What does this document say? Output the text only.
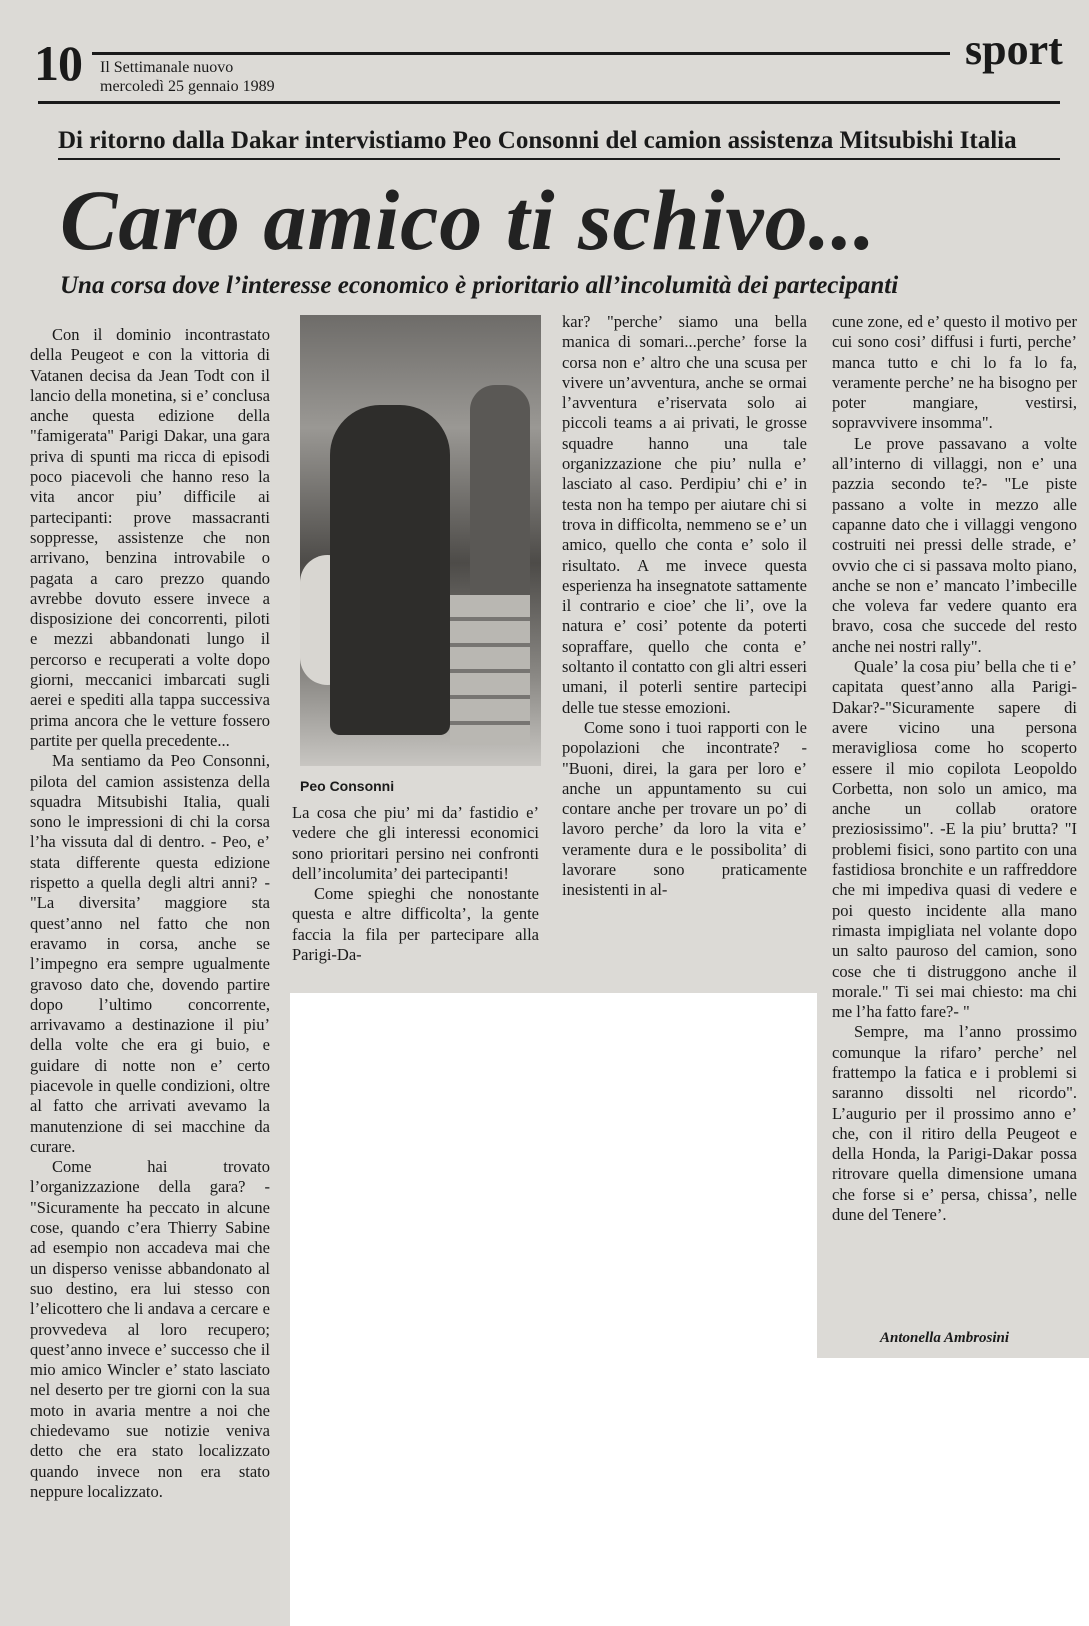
10 Il Settimanale nuovo
mercoledì 25 gennaio 1989
sport
Di ritorno dalla Dakar intervistiamo Peo Consonni del camion assistenza Mitsubishi Italia
Caro amico ti schivo...
Una corsa dove l’interesse economico è prioritario all’incolumità dei partecipanti

Con il dominio incontrastato della Peugeot e con la vittoria di Vatanen decisa da Jean Todt con il lancio della monetina, si e’ conclusa anche questa edizione della "famigerata" Parigi Dakar, una gara priva di spunti ma ricca di episodi poco piacevoli che hanno reso la vita ancor piu’ difficile ai partecipanti: prove massacranti soppresse, assistenze che non arrivano, benzina introvabile o pagata a caro prezzo quando avrebbe dovuto essere invece a disposizione dei concorrenti, piloti e mezzi abbandonati lungo il percorso e recuperati a volte dopo giorni, meccanici imbarcati sugli aerei e spediti alla tappa successiva prima ancora che le vetture fossero partite per quella precedente...

Ma sentiamo da Peo Consonni, pilota del camion assistenza della squadra Mitsubishi Italia, quali sono le impressioni di chi la corsa l’ha vissuta dal di dentro. - Peo, e’ stata differente questa edizione rispetto a quella degli altri anni? - "La diversita’ maggiore sta quest’anno nel fatto che non eravamo in corsa, anche se l’impegno era sempre ugualmente gravoso dato che, dovendo partire dopo l’ultimo concorrente, arrivavamo a destinazione il piu’ della volte che era gi buio, e guidare di notte non e’ certo piacevole in quelle condizioni, oltre al fatto che arrivati avevamo la manutenzione di sei macchine da curare.

Come hai trovato l’organizzazione della gara? -"Sicuramente ha peccato in alcune cose, quando c’era Thierry Sabine ad esempio non accadeva mai che un disperso venisse abbandonato al suo destino, era lui stesso con l’elicottero che li andava a cercare e provvedeva al loro recupero; quest’anno invece e’ successo che il mio amico Wincler e’ stato lasciato nel deserto per tre giorni con la sua moto in avaria mentre a noi che chiedevamo sue notizie veniva detto che era stato localizzato quando invece non era stato neppure localizzato.

Peo Consonni

La cosa che piu’ mi da’ fastidio e’ vedere che gli interessi economici sono prioritari persino nei confronti dell’incolumita’ dei partecipanti!

Come spieghi che nonostante questa e altre difficolta’, la gente faccia la fila per partecipare alla Parigi-Da-

kar? "perche’ siamo una bella manica di somari...perche’ forse la corsa non e’ altro che una scusa per vivere un’avventura, anche se ormai l’avventura e’riservata solo ai piccoli teams a ai privati, le grosse squadre hanno una tale organizzazione che piu’ nulla e’ lasciato al caso. Perdipiu’ chi e’ in testa non ha tempo per aiutare chi si trova in difficolta, nemmeno se e’ un amico, quello che conta e’ solo il risultato. A me invece questa esperienza ha insegnatote sattamente il contrario e cioe’ che li’, ove la natura e’ cosi’ potente da poterti sopraffare, quello che conta e’ soltanto il contatto con gli altri esseri umani, il poterli sentire partecipi delle tue stesse emozioni.

Come sono i tuoi rapporti con le popolazioni che incontrate? - "Buoni, direi, la gara per loro e’ anche un appuntamento su cui contare anche per trovare un po’ di lavoro perche’ da loro la vita e’ veramente dura e le possibolita’ di lavorare sono praticamente inesistenti in al-

cune zone, ed e’ questo il motivo per cui sono cosi’ diffusi i furti, perche’ manca tutto e chi lo fa lo fa, veramente perche’ ne ha bisogno per poter mangiare, vestirsi, sopravvivere insomma".

Le prove passavano a volte all’interno di villaggi, non e’ una pazzia secondo te?- "Le piste passano a volte in mezzo alle capanne dato che i villaggi vengono costruiti nei pressi delle strade, e’ ovvio che ci si passava molto piano, anche se non e’ mancato l’imbecille che voleva far vedere quanto era bravo, cosa che succede del resto anche nei nostri rally".

Quale’ la cosa piu’ bella che ti e’ capitata quest’anno alla Parigi-Dakar?-"Sicuramente sapere di avere vicino una persona meravigliosa come ho scoperto essere il mio copilota Leopoldo Corbetta, non solo un amico, ma anche un collab oratore preziosissimo". -E la piu’ brutta? "I problemi fisici, sono partito con una fastidiosa bronchite e un raffreddore che mi impediva quasi di vedere e poi questo incidente alla mano rimasta impigliata nel volante dopo un salto pauroso del camion, sono cose che ti distruggono anche il morale." Ti sei mai chiesto: ma chi me l’ha fatto fare?- "

Sempre, ma l’anno prossimo comunque la rifaro’ perche’ nel frattempo la fatica e i problemi si saranno dissolti nel ricordo". L’augurio per il prossimo anno e’ che, con il ritiro della Peugeot e della Honda, la Parigi-Dakar possa ritrovare quella dimensione umana che forse si e’ persa, chissa’, nelle dune del Tenere’.

Antonella Ambrosini
